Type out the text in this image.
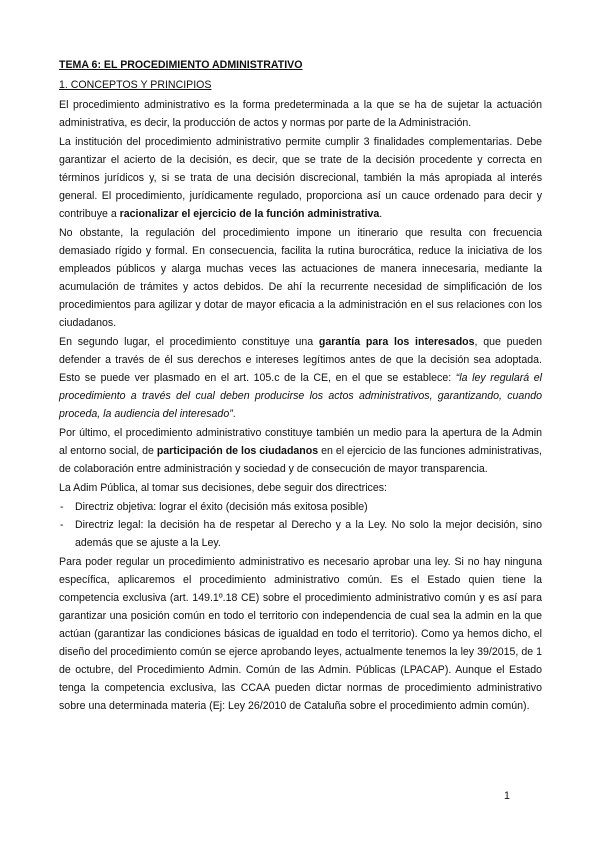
TEMA 6: EL PROCEDIMIENTO ADMINISTRATIVO
1. CONCEPTOS Y PRINCIPIOS

El procedimiento administrativo es la forma predeterminada a la que se ha de sujetar la actuación administrativa, es decir, la producción de actos y normas por parte de la Administración.

La institución del procedimiento administrativo permite cumplir 3 finalidades complementarias. Debe garantizar el acierto de la decisión, es decir, que se trate de la decisión procedente y correcta en términos jurídicos y, si se trata de una decisión discrecional, también la más apropiada al interés general. El procedimiento, jurídicamente regulado, proporciona así un cauce ordenado para decir y contribuye a racionalizar el ejercicio de la función administrativa.

No obstante, la regulación del procedimiento impone un itinerario que resulta con frecuencia demasiado rígido y formal. En consecuencia, facilita la rutina burocrática, reduce la iniciativa de los empleados públicos y alarga muchas veces las actuaciones de manera innecesaria, mediante la acumulación de trámites y actos debidos. De ahí la recurrente necesidad de simplificación de los procedimientos para agilizar y dotar de mayor eficacia a la administración en el sus relaciones con los ciudadanos.

En segundo lugar, el procedimiento constituye una garantía para los interesados, que pueden defender a través de él sus derechos e intereses legítimos antes de que la decisión sea adoptada. Esto se puede ver plasmado en el art. 105.c de la CE, en el que se establece: “la ley regulará el procedimiento a través del cual deben producirse los actos administrativos, garantizando, cuando proceda, la audiencia del interesado”.

Por último, el procedimiento administrativo constituye también un medio para la apertura de la Admin al entorno social, de participación de los ciudadanos en el ejercicio de las funciones administrativas, de colaboración entre administración y sociedad y de consecución de mayor transparencia.

La Adim Pública, al tomar sus decisiones, debe seguir dos directrices:

- Directriz objetiva: lograr el éxito (decisión más exitosa posible)
- Directriz legal: la decisión ha de respetar al Derecho y a la Ley. No solo la mejor decisión, sino además que se ajuste a la Ley.

Para poder regular un procedimiento administrativo es necesario aprobar una ley. Si no hay ninguna específica, aplicaremos el procedimiento administrativo común. Es el Estado quien tiene la competencia exclusiva (art. 149.1º.18 CE) sobre el procedimiento administrativo común y es así para garantizar una posición común en todo el territorio con independencia de cual sea la admin en la que actúan (garantizar las condiciones básicas de igualdad en todo el territorio). Como ya hemos dicho, el diseño del procedimiento común se ejerce aprobando leyes, actualmente tenemos la ley 39/2015, de 1 de octubre, del Procedimiento Admin. Común de las Admin. Públicas (LPACAP). Aunque el Estado tenga la competencia exclusiva, las CCAA pueden dictar normas de procedimiento administrativo sobre una determinada materia (Ej: Ley 26/2010 de Cataluña sobre el procedimiento admin común).

1
